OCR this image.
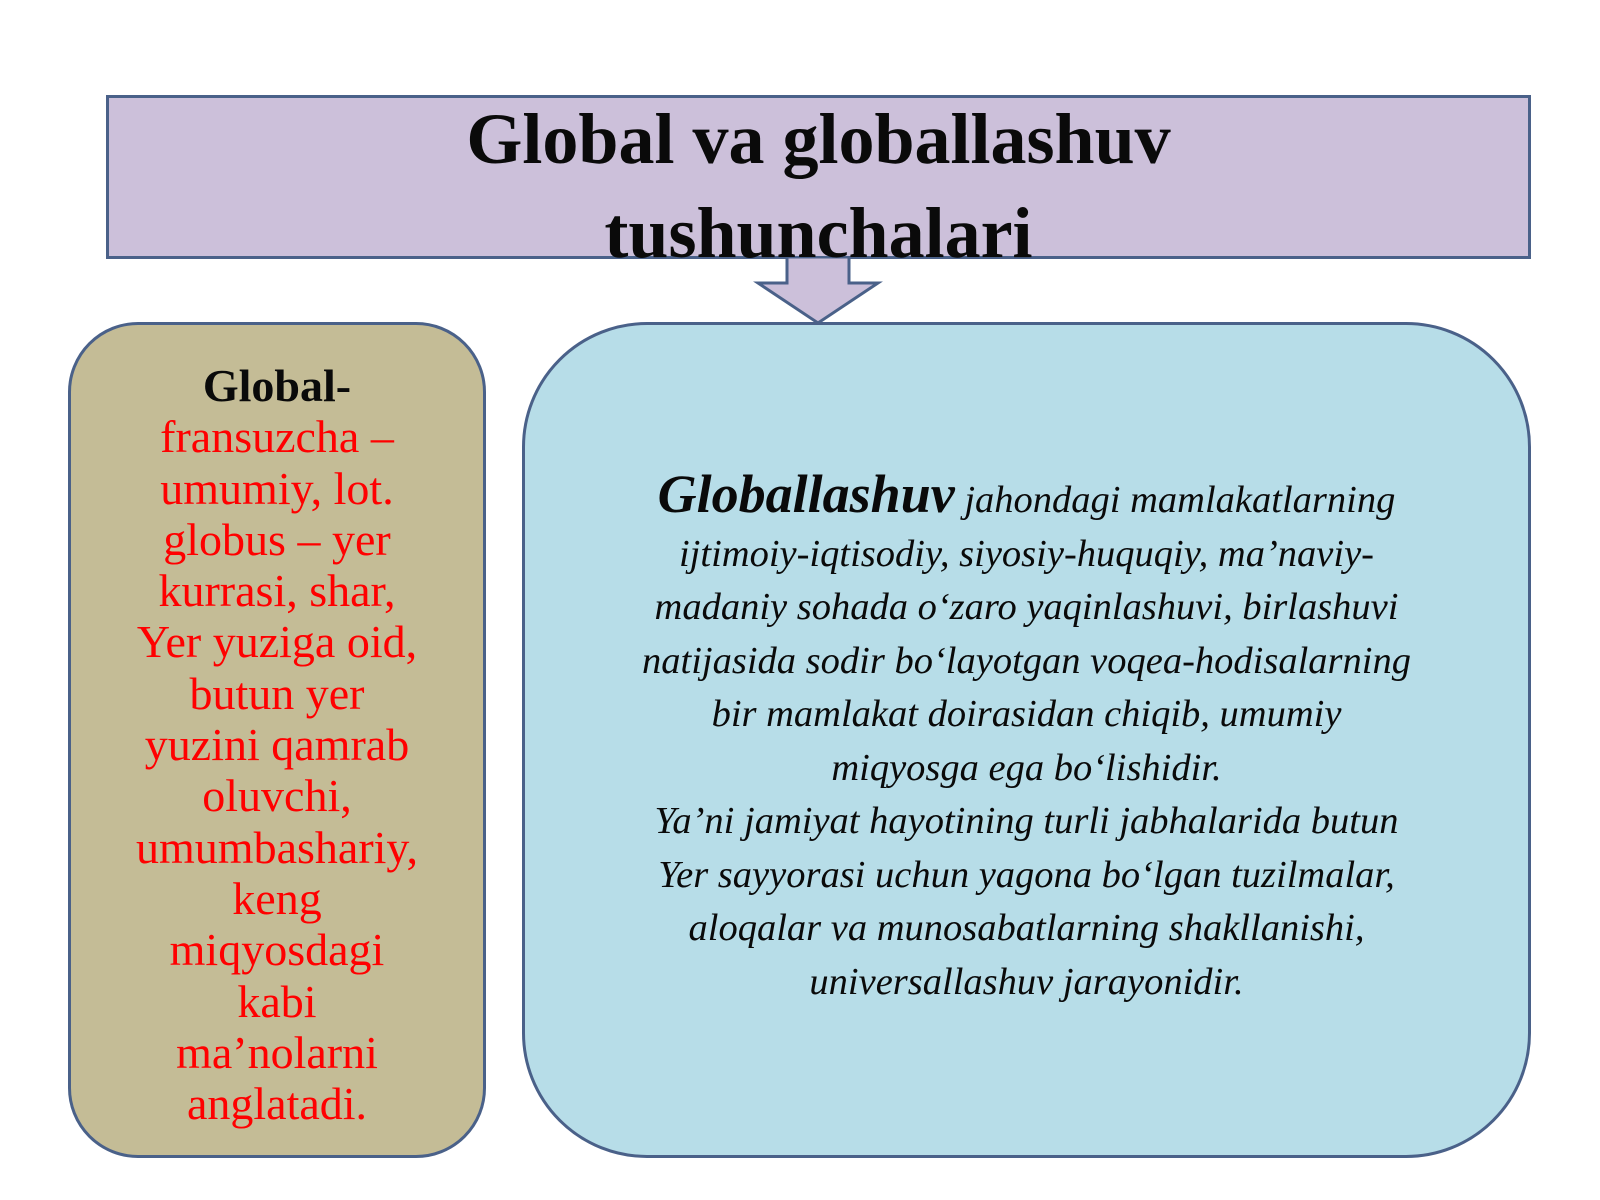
Global va globallashuv
tushunchalari
Global-
fransuzcha –
umumiy, lot.
globus – yer
kurrasi, shar,
Yer yuziga oid,
butun yer
yuzini qamrab
oluvchi,
umumbashariy,
keng
miqyosdagi
kabi
ma’nolarni
anglatadi.
Globallashuv jahondagi mamlakatlarning
ijtimoiy-iqtisodiy, siyosiy-huquqiy, ma’naviy-
madaniy sohada o‘zaro yaqinlashuvi, birlashuvi
natijasida sodir bo‘layotgan voqea-hodisalarning
bir mamlakat doirasidan chiqib, umumiy
miqyosga ega bo‘lishidir.
Ya’ni jamiyat hayotining turli jabhalarida butun
Yer sayyorasi uchun yagona bo‘lgan tuzilmalar,
aloqalar va munosabatlarning shakllanishi,
universallashuv jarayonidir.
